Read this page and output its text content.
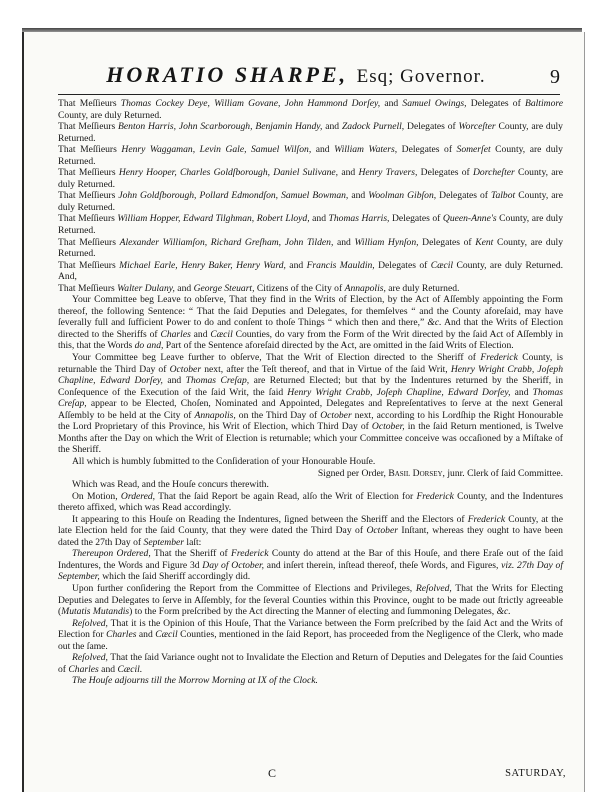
HORATIO SHARPE, Esq; Governor.	9

That Meſſieurs Thomas Cockey Deye, William Govane, John Hammond Dorſey, and Samuel Owings, Delegates of Baltimore County, are duly Returned.

That Meſſieurs Benton Harris, John Scarborough, Benjamin Handy, and Zadock Purnell, Delegates of Worceſter County, are duly Returned.

That Meſſieurs Henry Waggaman, Levin Gale, Samuel Wilſon, and William Waters, Delegates of Somerſet County, are duly Returned.

That Meſſieurs Henry Hooper, Charles Goldſborough, Daniel Sulivane, and Henry Travers, Delegates of Dorcheſter County, are duly Returned.

That Meſſieurs John Goldſborough, Pollard Edmondſon, Samuel Bowman, and Woolman Gibſon, Delegates of Talbot County, are duly Returned.

That Meſſieurs William Hopper, Edward Tilghman, Robert Lloyd, and Thomas Harris, Delegates of Queen-Anne's County, are duly Returned.

That Meſſieurs Alexander Williamſon, Richard Greſham, John Tilden, and William Hynſon, Delegates of Kent County, are duly Returned.

That Meſſieurs Michael Earle, Henry Baker, Henry Ward, and Francis Mauldin, Delegates of Cæcil County, are duly Returned. And,

That Meſſieurs Walter Dulany, and George Steuart, Citizens of the City of Annapolis, are duly Returned.

Your Committee beg Leave to obſerve, That they find in the Writs of Election, by the Act of Aſſembly appointing the Form thereof, the following Sentence: “ That the ſaid Deputies and Delegates, for themſelves “ and the County aforeſaid, may have ſeverally full and ſufficient Power to do and conſent to thoſe Things “ which then and there,” &c. And that the Writs of Election directed to the Sheriffs of Charles and Cæcil Counties, do vary from the Form of the Writ directed by the ſaid Act of Aſſembly in this, that the Words do and, Part of the Sentence aforeſaid directed by the Act, are omitted in the ſaid Writs of Election.

Your Committee beg Leave further to obſerve, That the Writ of Election directed to the Sheriff of Frederick County, is returnable the Third Day of October next, after the Teſt thereof, and that in Virtue of the ſaid Writ, Henry Wright Crabb, Joſeph Chapline, Edward Dorſey, and Thomas Creſap, are Returned Elected; but that by the Indentures returned by the Sheriff, in Conſequence of the Execution of the ſaid Writ, the ſaid Henry Wright Crabb, Joſeph Chapline, Edward Dorſey, and Thomas Creſap, appear to be Elected, Choſen, Nominated and Appointed, Delegates and Repreſentatives to ſerve at the next General Aſſembly to be held at the City of Annapolis, on the Third Day of October next, according to his Lordſhip the Right Honourable the Lord Proprietary of this Province, his Writ of Election, which Third Day of October, in the ſaid Return mentioned, is Twelve Months after the Day on which the Writ of Election is returnable; which your Committee conceive was occaſioned by a Miſtake of the Sheriff.

All which is humbly ſubmitted to the Conſideration of your Honourable Houſe.

Signed per Order, Basil Dorsey, junr. Clerk of ſaid Committee.

Which was Read, and the Houſe concurs therewith.

On Motion, Ordered, That the ſaid Report be again Read, alſo the Writ of Election for Frederick County, and the Indentures thereto affixed, which was Read accordingly.

It appearing to this Houſe on Reading the Indentures, ſigned between the Sheriff and the Electors of Frederick County, at the late Election held for the ſaid County, that they were dated the Third Day of October Inſtant, whereas they ought to have been dated the 27th Day of September laſt:

Thereupon Ordered, That the Sheriff of Frederick County do attend at the Bar of this Houſe, and there Eraſe out of the ſaid Indentures, the Words and Figure 3d Day of October, and inſert therein, inſtead thereof, theſe Words, and Figures, viz. 27th Day of September, which the ſaid Sheriff accordingly did.

Upon further conſidering the Report from the Committee of Elections and Privileges, Reſolved, That the Writs for Electing Deputies and Delegates to ſerve in Aſſembly, for the ſeveral Counties within this Province, ought to be made out ſtrictly agreeable (Mutatis Mutandis) to the Form preſcribed by the Act directing the Manner of electing and ſummoning Delegates, &c.

Reſolved, That it is the Opinion of this Houſe, That the Variance between the Form preſcribed by the ſaid Act and the Writs of Election for Charles and Cæcil Counties, mentioned in the ſaid Report, has proceeded from the Negligence of the Clerk, who made out the ſame.

Reſolved, That the ſaid Variance ought not to Invalidate the Election and Return of Deputies and Delegates for the ſaid Counties of Charles and Cæcil.

The Houſe adjourns till the Morrow Morning at IX of the Clock.

C	SATURDAY,
